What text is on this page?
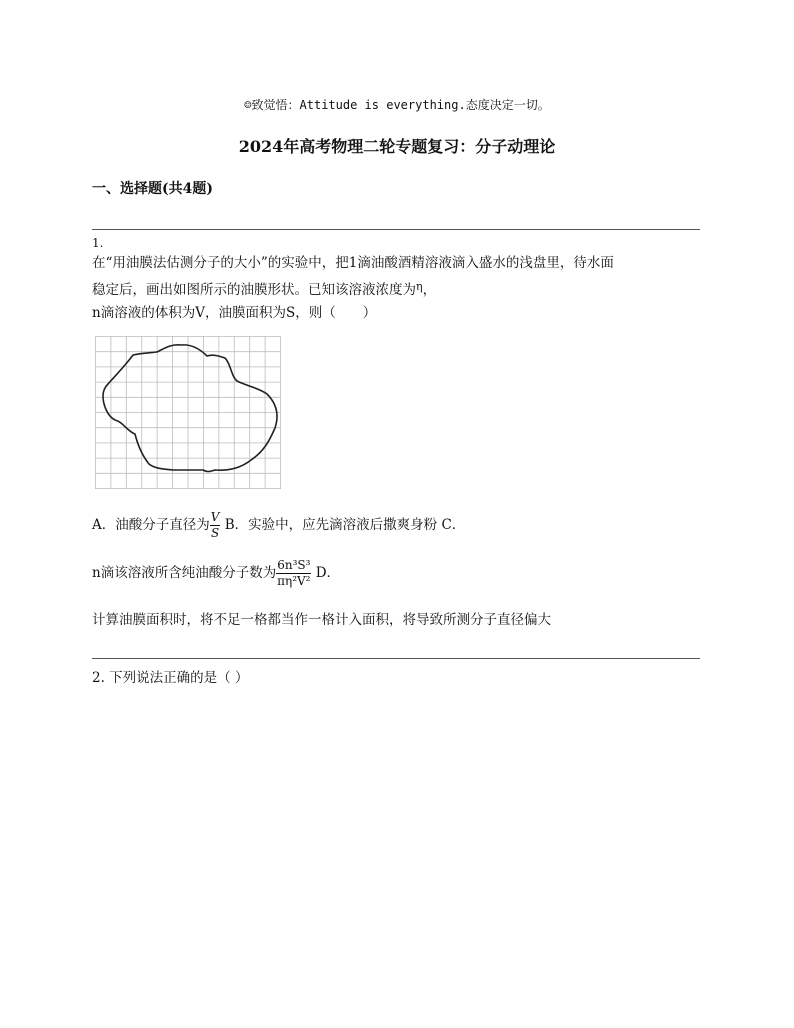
☺致觉悟：Attitude is everything.态度决定一切。
2024年高考物理二轮专题复习：分子动理论
一、选择题(共4题)
1.
在“用油膜法估测分子的大小”的实验中，把1滴油酸酒精溶液滴入盛水的浅盘里，待水面
稳定后，画出如图所示的油膜形状。已知该溶液浓度为$^\eta$，
n滴溶液的体积为V，油膜面积为S，则（　　）
A．油酸分子直径为 $\frac{V}{S}$ B．实验中，应先滴溶液后撒爽身粉 C．
n滴该溶液所含纯油酸分子数为 $\frac{\text{6n³S³}}{\text{πη²V²}}$ D．
计算油膜面积时，将不足一格都当作一格计入面积，将导致所测分子直径偏大
2. 下列说法正确的是（ ）
